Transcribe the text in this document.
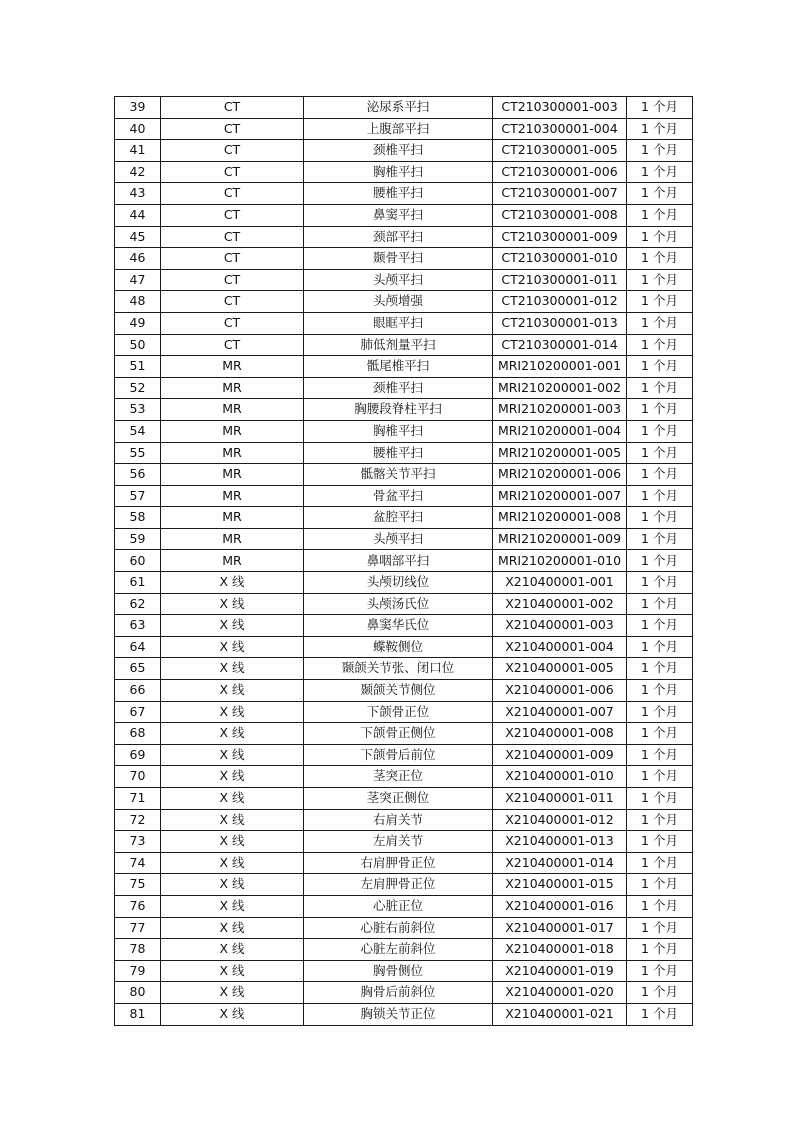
39	CT	泌尿系平扫	CT210300001-003	1 个月
40	CT	上腹部平扫	CT210300001-004	1 个月
41	CT	颈椎平扫	CT210300001-005	1 个月
42	CT	胸椎平扫	CT210300001-006	1 个月
43	CT	腰椎平扫	CT210300001-007	1 个月
44	CT	鼻窦平扫	CT210300001-008	1 个月
45	CT	颈部平扫	CT210300001-009	1 个月
46	CT	颞骨平扫	CT210300001-010	1 个月
47	CT	头颅平扫	CT210300001-011	1 个月
48	CT	头颅增强	CT210300001-012	1 个月
49	CT	眼眶平扫	CT210300001-013	1 个月
50	CT	肺低剂量平扫	CT210300001-014	1 个月
51	MR	骶尾椎平扫	MRI210200001-001	1 个月
52	MR	颈椎平扫	MRI210200001-002	1 个月
53	MR	胸腰段脊柱平扫	MRI210200001-003	1 个月
54	MR	胸椎平扫	MRI210200001-004	1 个月
55	MR	腰椎平扫	MRI210200001-005	1 个月
56	MR	骶髂关节平扫	MRI210200001-006	1 个月
57	MR	骨盆平扫	MRI210200001-007	1 个月
58	MR	盆腔平扫	MRI210200001-008	1 个月
59	MR	头颅平扫	MRI210200001-009	1 个月
60	MR	鼻咽部平扫	MRI210200001-010	1 个月
61	X 线	头颅切线位	X210400001-001	1 个月
62	X 线	头颅汤氏位	X210400001-002	1 个月
63	X 线	鼻窦华氏位	X210400001-003	1 个月
64	X 线	蝶鞍侧位	X210400001-004	1 个月
65	X 线	颞颌关节张、闭口位	X210400001-005	1 个月
66	X 线	颞颌关节侧位	X210400001-006	1 个月
67	X 线	下颌骨正位	X210400001-007	1 个月
68	X 线	下颌骨正侧位	X210400001-008	1 个月
69	X 线	下颌骨后前位	X210400001-009	1 个月
70	X 线	茎突正位	X210400001-010	1 个月
71	X 线	茎突正侧位	X210400001-011	1 个月
72	X 线	右肩关节	X210400001-012	1 个月
73	X 线	左肩关节	X210400001-013	1 个月
74	X 线	右肩胛骨正位	X210400001-014	1 个月
75	X 线	左肩胛骨正位	X210400001-015	1 个月
76	X 线	心脏正位	X210400001-016	1 个月
77	X 线	心脏右前斜位	X210400001-017	1 个月
78	X 线	心脏左前斜位	X210400001-018	1 个月
79	X 线	胸骨侧位	X210400001-019	1 个月
80	X 线	胸骨后前斜位	X210400001-020	1 个月
81	X 线	胸锁关节正位	X210400001-021	1 个月
